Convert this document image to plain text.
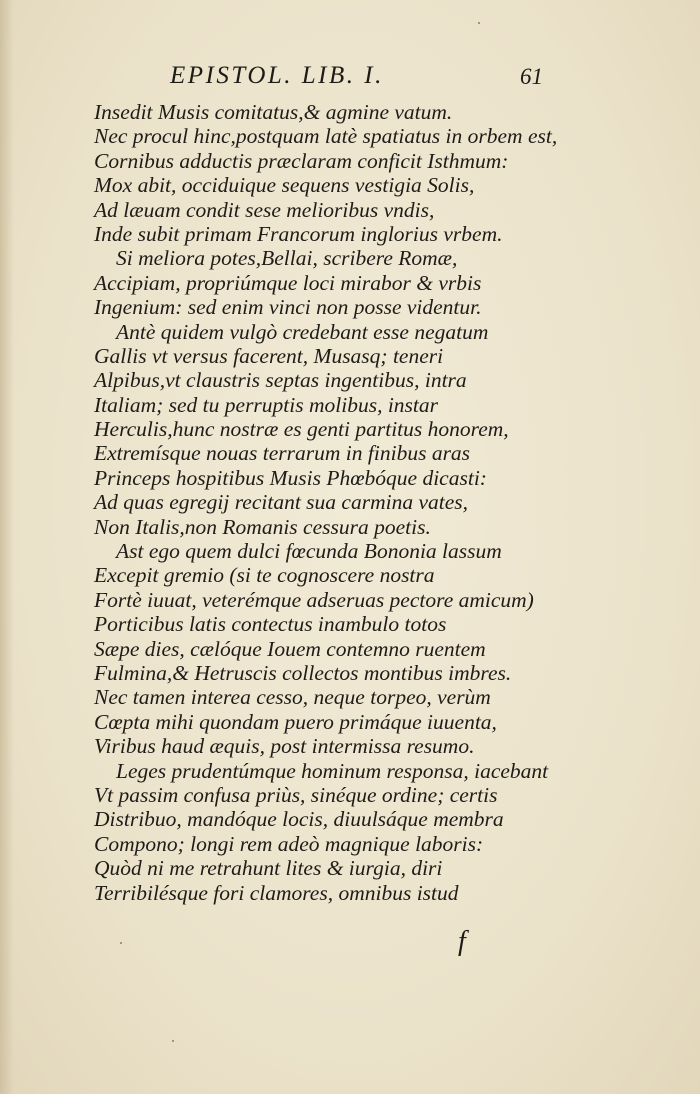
EPISTOL. LIB. I.	61
Insedit Musis comitatus,& agmine vatum.
Nec procul hinc,postquam latè spatiatus in orbem est,
Cornibus adductis præclaram conficit Isthmum:
Mox abit, occiduique sequens vestigia Solis,
Ad læuam condit sese melioribus vndis,
Inde subit primam Francorum inglorius vrbem.
Si meliora potes,Bellai, scribere Romæ,
Accipiam, propriúmque loci mirabor & vrbis
Ingenium: sed enim vinci non posse videntur.
Antè quidem vulgò credebant esse negatum
Gallis vt versus facerent, Musasq; teneri
Alpibus,vt claustris septas ingentibus, intra
Italiam; sed tu perruptis molibus, instar
Herculis,hunc nostræ es genti partitus honorem,
Extremísque nouas terrarum in finibus aras
Princeps hospitibus Musis Phœbóque dicasti:
Ad quas egregij recitant sua carmina vates,
Non Italis,non Romanis cessura poetis.
Ast ego quem dulci fœcunda Bononia lassum
Excepit gremio (si te cognoscere nostra
Fortè iuuat, veterémque adseruas pectore amicum)
Porticibus latis contectus inambulo totos
Sæpe dies, cælóque Iouem contemno ruentem
Fulmina,& Hetruscis collectos montibus imbres.
Nec tamen interea cesso, neque torpeo, verùm
Cœpta mihi quondam puero primáque iuuenta,
Viribus haud æquis, post intermissa resumo.
Leges prudentúmque hominum responsa, iacebant
Vt passim confusa priùs, sinéque ordine; certis
Distribuo, mandóque locis, diuulsáque membra
Compono; longi rem adeò magnique laboris:
Quòd ni me retrahunt lites & iurgia, diri
Terribilésque fori clamores, omnibus istud
f
